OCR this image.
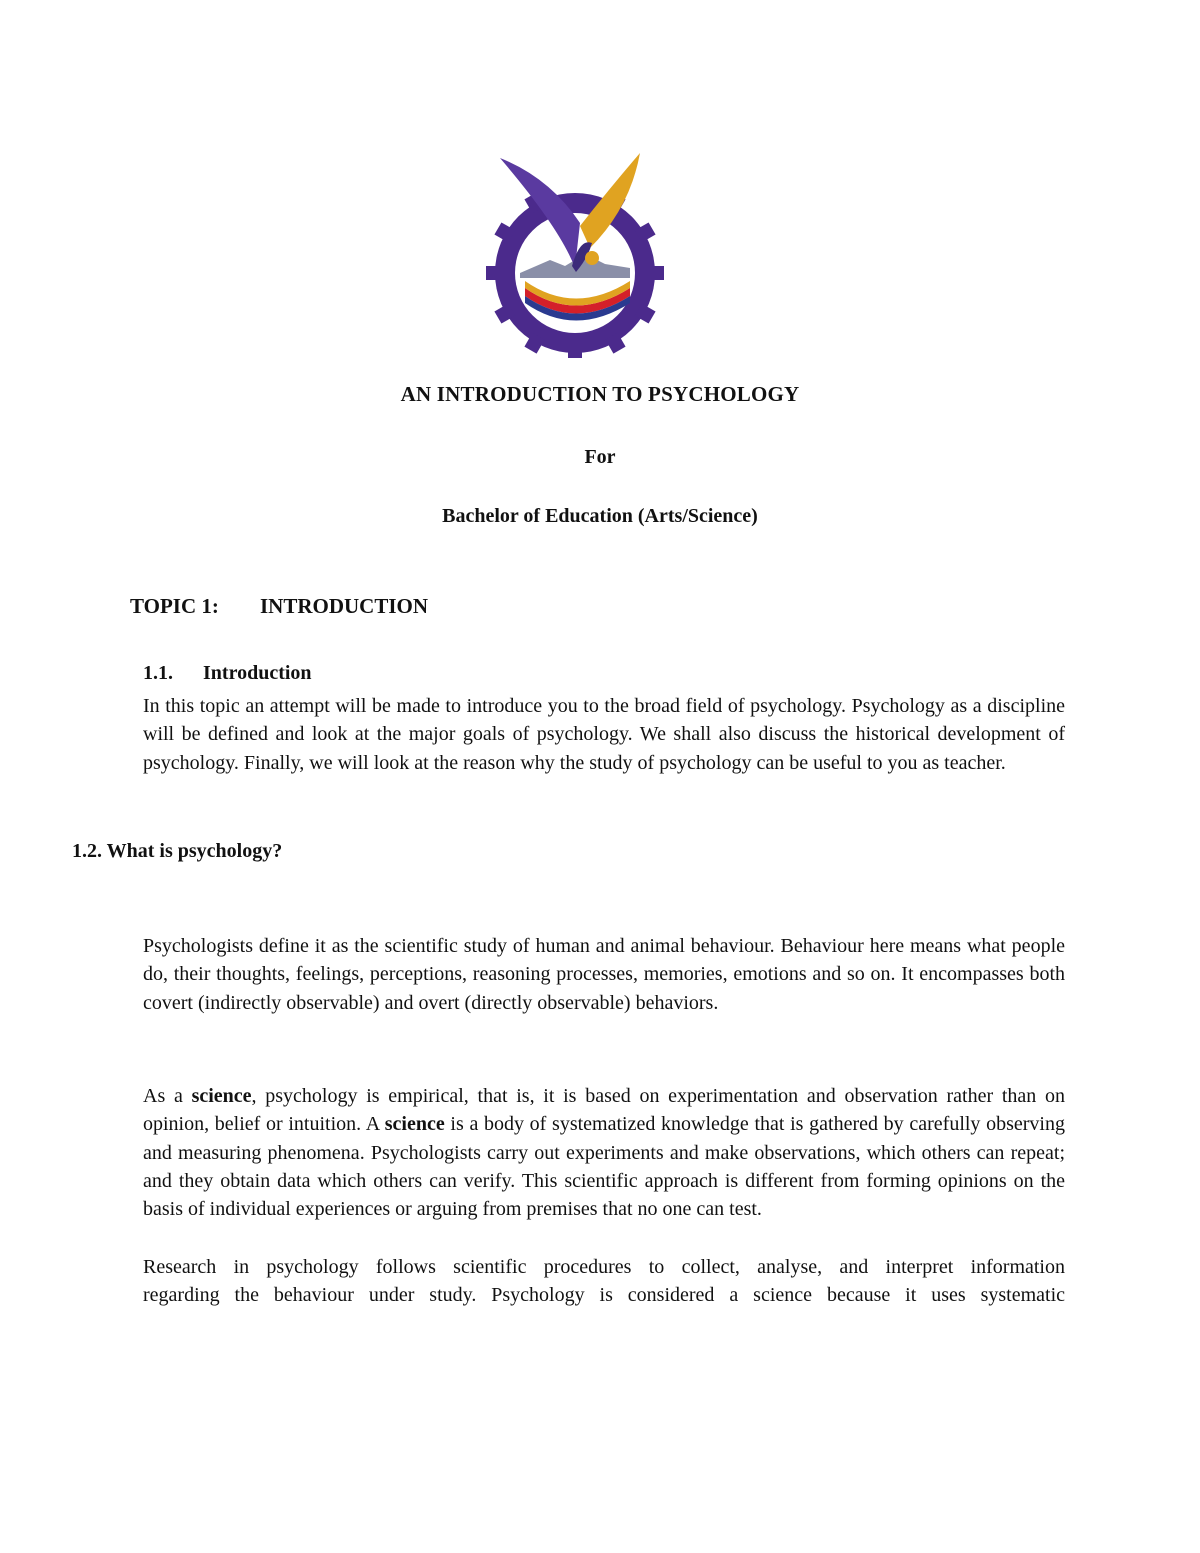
AN INTRODUCTION TO PSYCHOLOGY
For
Bachelor of Education (Arts/Science)
TOPIC 1: INTRODUCTION
1.1. Introduction
In this topic an attempt will be made to introduce you to the broad field of psychology. Psychology as a discipline will be defined and look at the major goals of psychology. We shall also discuss the historical development of psychology. Finally, we will look at the reason why the study of psychology can be useful to you as teacher.
1.2. What is psychology?
Psychologists define it as the scientific study of human and animal behaviour. Behaviour here means what people do, their thoughts, feelings, perceptions, reasoning processes, memories, emotions and so on. It encompasses both covert (indirectly observable) and overt (directly observable) behaviors.
As a science, psychology is empirical, that is, it is based on experimentation and observation rather than on opinion, belief or intuition. A science is a body of systematized knowledge that is gathered by carefully observing and measuring phenomena. Psychologists carry out experiments and make observations, which others can repeat; and they obtain data which others can verify. This scientific approach is different from forming opinions on the basis of individual experiences or arguing from premises that no one can test.
Research in psychology follows scientific procedures to collect, analyse, and interpret information
regarding the behaviour under study. Psychology is considered a science because it uses systematic
